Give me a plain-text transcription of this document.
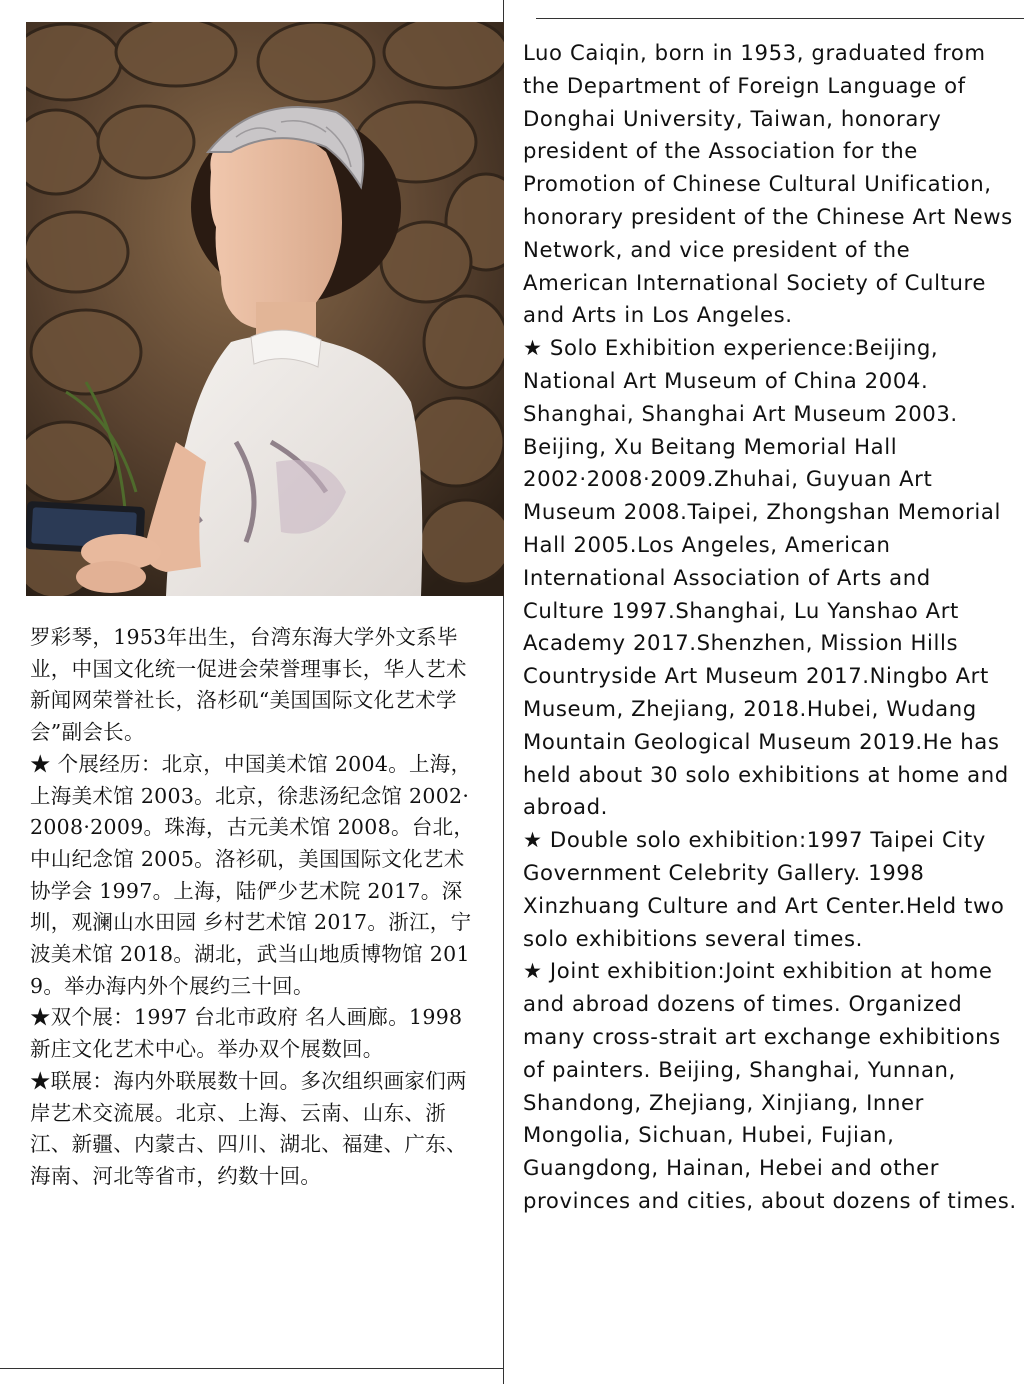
罗彩琴，1953年出生，台湾东海大学外文系毕业，中国文化统一促进会荣誉理事长，华人艺术新闻网荣誉社长，洛杉矶“美国国际文化艺术学会”副会长。

★ 个展经历：北京，中国美术馆 2004。上海，上海美术馆 2003。北京，徐悲汤纪念馆 2002·2008·2009。珠海，古元美术馆 2008。台北，中山纪念馆 2005。洛衫矶，美国国际文化艺术协学会 1997。上海，陆俨少艺术院 2017。深圳，观澜山水田园 乡村艺术馆 2017。浙江，宁波美术馆 2018。湖北，武当山地质博物馆 2019。举办海内外个展约三十回。

★双个展：1997 台北市政府 名人画廊。1998 新庄文化艺术中心。举办双个展数回。

★联展：海内外联展数十回。多次组织画家们两岸艺术交流展。北京、上海、云南、山东、浙江、新疆、内蒙古、四川、湖北、福建、广东、海南、河北等省市，约数十回。

Luo Caiqin, born in 1953, graduated from the Department of Foreign Language of Donghai University, Taiwan, honorary president of the Association for the Promotion of Chinese Cultural Unification, honorary president of the Chinese Art News Network, and vice president of the American International Society of Culture and Arts in Los Angeles.

★ Solo Exhibition experience:Beijing, National Art Museum of China 2004. Shanghai, Shanghai Art Museum 2003. Beijing, Xu Beitang Memorial Hall 2002·2008·2009.Zhuhai, Guyuan Art Museum 2008.Taipei, Zhongshan Memorial Hall 2005.Los Angeles, American International Association of Arts and Culture 1997.Shanghai, Lu Yanshao Art Academy 2017.Shenzhen, Mission Hills Countryside Art Museum 2017.Ningbo Art Museum, Zhejiang, 2018.Hubei, Wudang Mountain Geological Museum 2019.He has held about 30 solo exhibitions at home and abroad.

★ Double solo exhibition:1997 Taipei City Government Celebrity Gallery. 1998 Xinzhuang Culture and Art Center.Held two solo exhibitions several times.

★ Joint exhibition:Joint exhibition at home and abroad dozens of times. Organized many cross-strait art exchange exhibitions of painters. Beijing, Shanghai, Yunnan, Shandong, Zhejiang, Xinjiang, Inner Mongolia, Sichuan, Hubei, Fujian, Guangdong, Hainan, Hebei and other provinces and cities, about dozens of times.
